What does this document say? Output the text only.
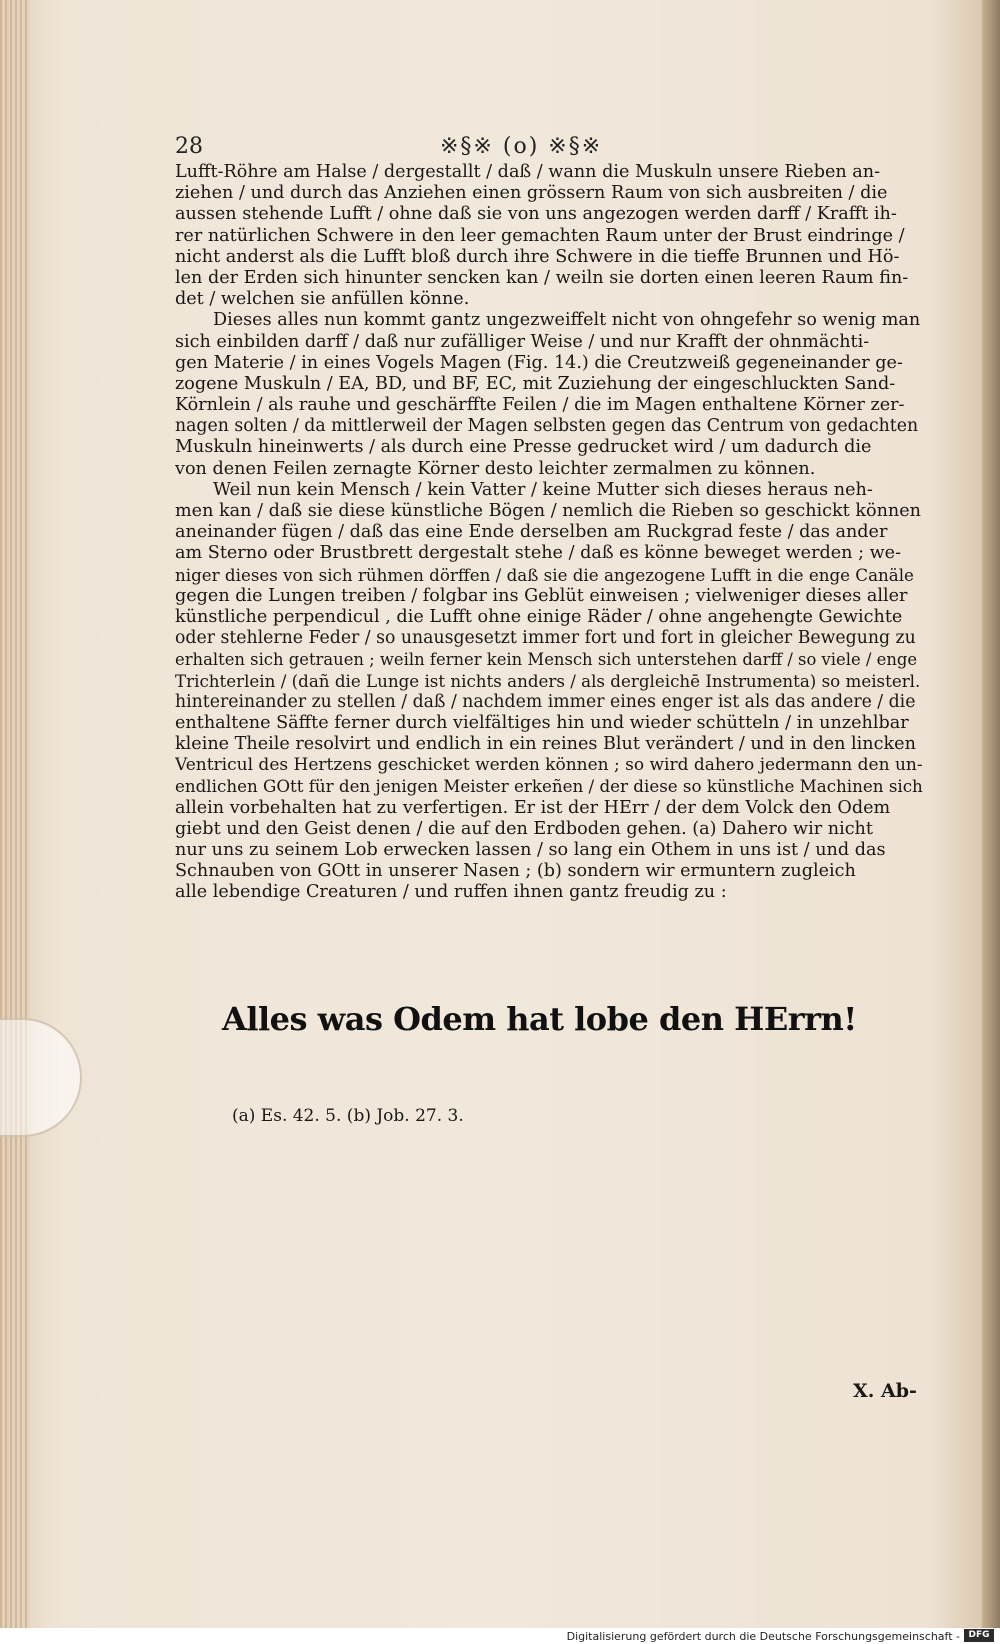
28	※§※ (o) ※§※
Lufft-Röhre am Halse / dergestallt / daß / wann die Muskuln unsere Rieben an-
ziehen / und durch das Anziehen einen grössern Raum von sich ausbreiten / die
aussen stehende Lufft / ohne daß sie von uns angezogen werden darff / Krafft ih-
rer natürlichen Schwere in den leer gemachten Raum unter der Brust eindringe /
nicht anderst als die Lufft bloß durch ihre Schwere in die tieffe Brunnen und Hö-
len der Erden sich hinunter sencken kan / weiln sie dorten einen leeren Raum fin-
det / welchen sie anfüllen könne.
Dieses alles nun kommt gantz ungezweiffelt nicht von ohngefehr so wenig man
sich einbilden darff / daß nur zufälliger Weise / und nur Krafft der ohnmächti-
gen Materie / in eines Vogels Magen (Fig. 14.) die Creutzweiß gegeneinander ge-
zogene Muskuln / EA, BD, und BF, EC, mit Zuziehung der eingeschluckten Sand-
Körnlein / als rauhe und geschärffte Feilen / die im Magen enthaltene Körner zer-
nagen solten / da mittlerweil der Magen selbsten gegen das Centrum von gedachten
Muskuln hineinwerts / als durch eine Presse gedrucket wird / um dadurch die
von denen Feilen zernagte Körner desto leichter zermalmen zu können.
Weil nun kein Mensch / kein Vatter / keine Mutter sich dieses heraus neh-
men kan / daß sie diese künstliche Bögen / nemlich die Rieben so geschickt können
aneinander fügen / daß das eine Ende derselben am Ruckgrad feste / das ander
am Sterno oder Brustbrett dergestalt stehe / daß es könne beweget werden ; we-
niger dieses von sich rühmen dörffen / daß sie die angezogene Lufft in die enge Canäle
gegen die Lungen treiben / folgbar ins Geblüt einweisen ; vielweniger dieses aller
künstliche perpendicul , die Lufft ohne einige Räder / ohne angehengte Gewichte
oder stehlerne Feder / so unausgesetzt immer fort und fort in gleicher Bewegung zu
erhalten sich getrauen ; weiln ferner kein Mensch sich unterstehen darff / so viele / enge
Trichterlein / (dañ die Lunge ist nichts anders / als dergleichē Instrumenta) so meisterl.
hintereinander zu stellen / daß / nachdem immer eines enger ist als das andere / die
enthaltene Säffte ferner durch vielfältiges hin und wieder schütteln / in unzehlbar
kleine Theile resolvirt und endlich in ein reines Blut verändert / und in den lincken
Ventricul des Hertzens geschicket werden können ; so wird dahero jedermann den un-
endlichen GOtt für den jenigen Meister erkeñen / der diese so künstliche Machinen sich
allein vorbehalten hat zu verfertigen. Er ist der HErr / der dem Volck den Odem
giebt und den Geist denen / die auf den Erdboden gehen. (a) Dahero wir nicht
nur uns zu seinem Lob erwecken lassen / so lang ein Othem in uns ist / und das
Schnauben von GOtt in unserer Nasen ; (b) sondern wir ermuntern zugleich
alle lebendige Creaturen / und ruffen ihnen gantz freudig zu :
Alles was Odem hat lobe den HErrn!
(a) Es. 42. 5. (b) Job. 27. 3.
X. Ab-
Digitalisierung gefördert durch die Deutsche Forschungsgemeinschaft - DFG
